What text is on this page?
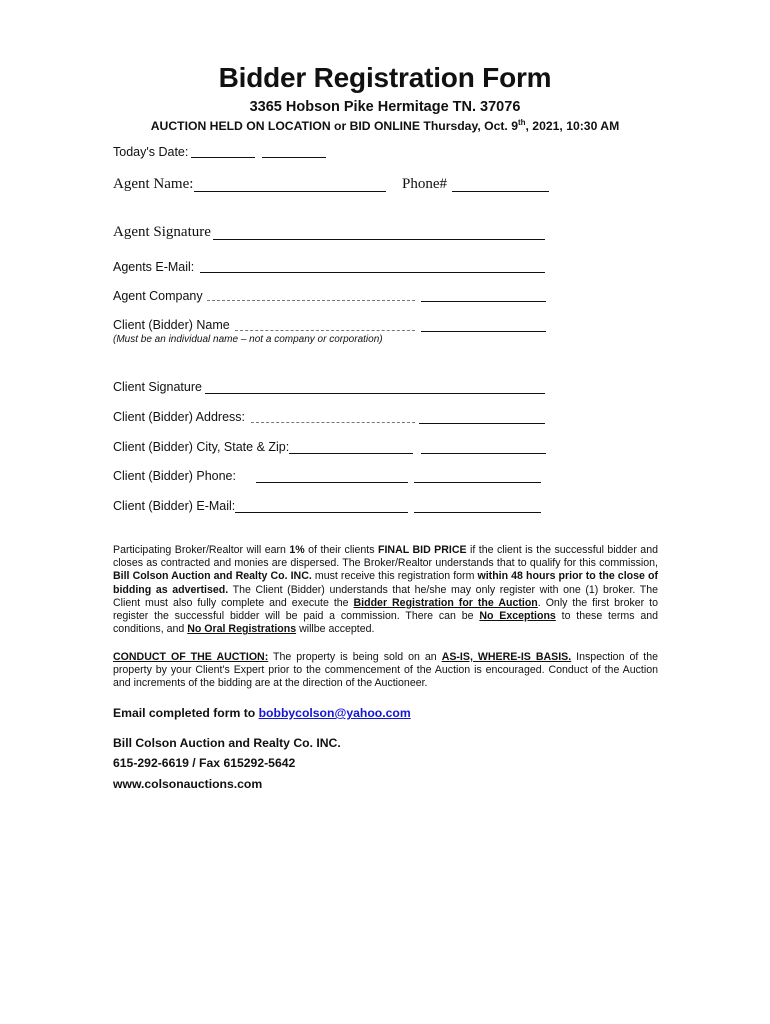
Bidder Registration Form
3365 Hobson Pike Hermitage TN. 37076
AUCTION HELD ON LOCATION or BID ONLINE Thursday, Oct. 9th, 2021, 10:30 AM
Today's Date:
Agent Name:	Phone#
Agent Signature
Agents E-Mail:
Agent Company
Client (Bidder) Name
(Must be an individual name – not a company or corporation)
Client Signature
Client (Bidder) Address:
Client (Bidder) City, State & Zip:
Client (Bidder) Phone:
Client (Bidder) E-Mail:
Participating Broker/Realtor will earn 1% of their clients FINAL BID PRICE if the client is the successful bidder and closes as contracted and monies are dispersed. The Broker/Realtor understands that to qualify for this commission, Bill Colson Auction and Realty Co. INC. must receive this registration form within 48 hours prior to the close of bidding as advertised. The Client (Bidder) understands that he/she may only register with one (1) broker. The Client must also fully complete and execute the Bidder Registration for the Auction. Only the first broker to register the successful bidder will be paid a commission. There can be No Exceptions to these terms and conditions, and No Oral Registrations willbe accepted.
CONDUCT OF THE AUCTION: The property is being sold on an AS-IS, WHERE-IS BASIS. Inspection of the property by your Client's Expert prior to the commencement of the Auction is encouraged. Conduct of the Auction and increments of the bidding are at the direction of the Auctioneer.
Email completed form to bobbycolson@yahoo.com
Bill Colson Auction and Realty Co. INC.
615-292-6619 / Fax 615292-5642
www.colsonauctions.com
